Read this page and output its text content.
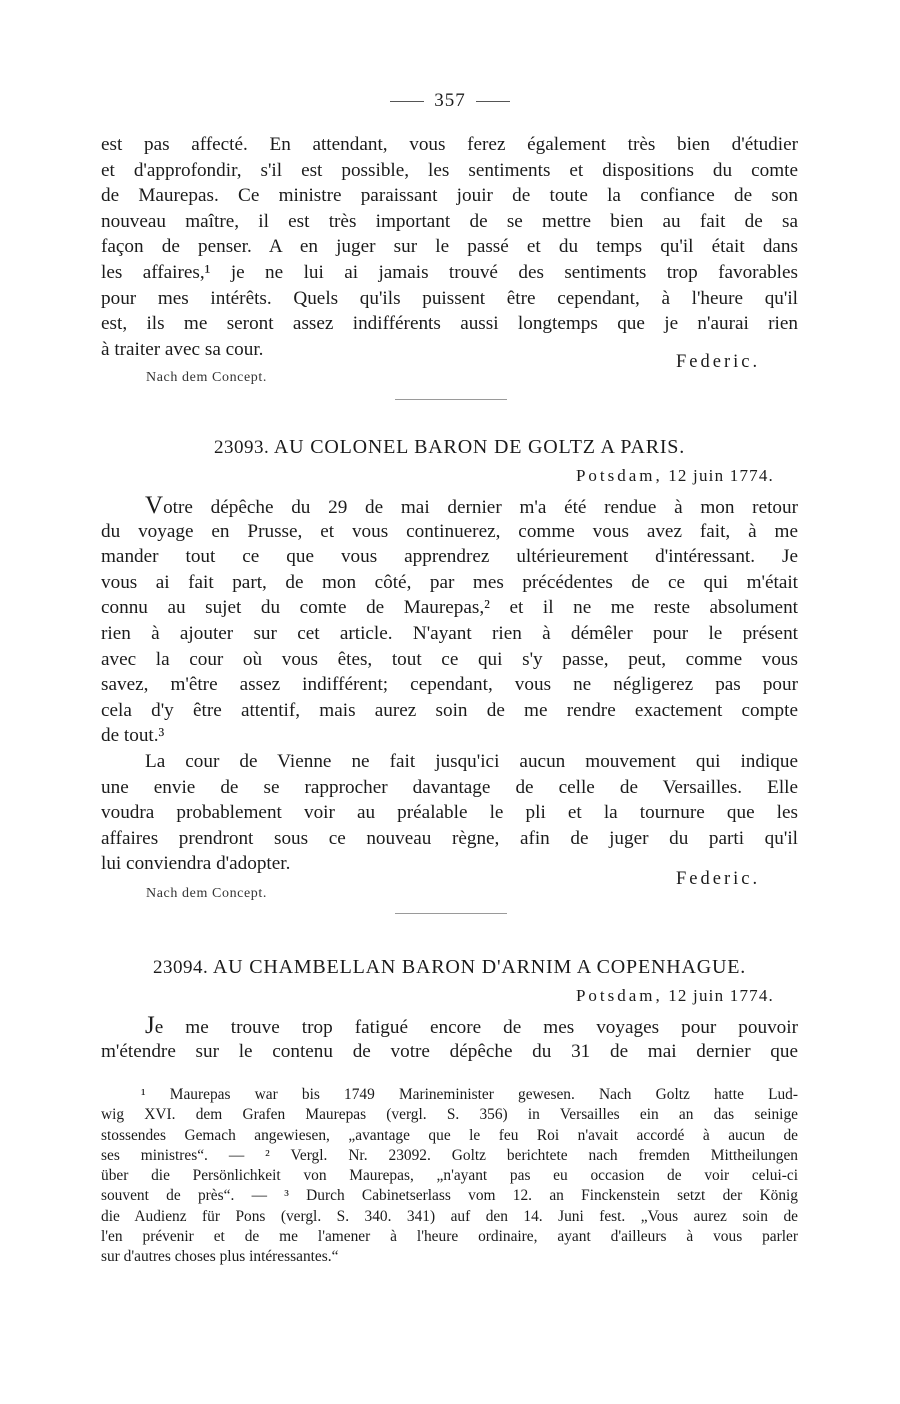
357
est pas affecté. En attendant, vous ferez également très bien d'étudier
et d'approfondir, s'il est possible, les sentiments et dispositions du comte
de Maurepas. Ce ministre paraissant jouir de toute la confiance de son
nouveau maître, il est très important de se mettre bien au fait de sa
façon de penser. A en juger sur le passé et du temps qu'il était dans
les affaires,¹ je ne lui ai jamais trouvé des sentiments trop favorables
pour mes intérêts. Quels qu'ils puissent être cependant, à l'heure qu'il
est, ils me seront assez indifférents aussi longtemps que je n'aurai rien
à traiter avec sa cour.
Federic.
Nach dem Concept.
23093. AU COLONEL BARON DE GOLTZ A PARIS.
Potsdam, 12 juin 1774.
Votre dépêche du 29 de mai dernier m'a été rendue à mon retour
du voyage en Prusse, et vous continuerez, comme vous avez fait, à me
mander tout ce que vous apprendrez ultérieurement d'intéressant. Je
vous ai fait part, de mon côté, par mes précédentes de ce qui m'était
connu au sujet du comte de Maurepas,² et il ne me reste absolument
rien à ajouter sur cet article. N'ayant rien à démêler pour le présent
avec la cour où vous êtes, tout ce qui s'y passe, peut, comme vous
savez, m'être assez indifférent; cependant, vous ne négligerez pas pour
cela d'y être attentif, mais aurez soin de me rendre exactement compte
de tout.³
La cour de Vienne ne fait jusqu'ici aucun mouvement qui indique
une envie de se rapprocher davantage de celle de Versailles. Elle
voudra probablement voir au préalable le pli et la tournure que les
affaires prendront sous ce nouveau règne, afin de juger du parti qu'il
lui conviendra d'adopter.
Federic.
Nach dem Concept.
23094. AU CHAMBELLAN BARON D'ARNIM A COPENHAGUE.
Potsdam, 12 juin 1774.
Je me trouve trop fatigué encore de mes voyages pour pouvoir
m'étendre sur le contenu de votre dépêche du 31 de mai dernier que
¹ Maurepas war bis 1749 Marineminister gewesen. Nach Goltz hatte Lud-
wig XVI. dem Grafen Maurepas (vergl. S. 356) in Versailles ein an das seinige
stossendes Gemach angewiesen, „avantage que le feu Roi n'avait accordé à aucun de
ses ministres“. — ² Vergl. Nr. 23092. Goltz berichtete nach fremden Mittheilungen
über die Persönlichkeit von Maurepas, „n'ayant pas eu occasion de voir celui-ci
souvent de près“. — ³ Durch Cabinetserlass vom 12. an Finckenstein setzt der König
die Audienz für Pons (vergl. S. 340. 341) auf den 14. Juni fest. „Vous aurez soin de
l'en prévenir et de me l'amener à l'heure ordinaire, ayant d'ailleurs à vous parler
sur d'autres choses plus intéressantes.“
